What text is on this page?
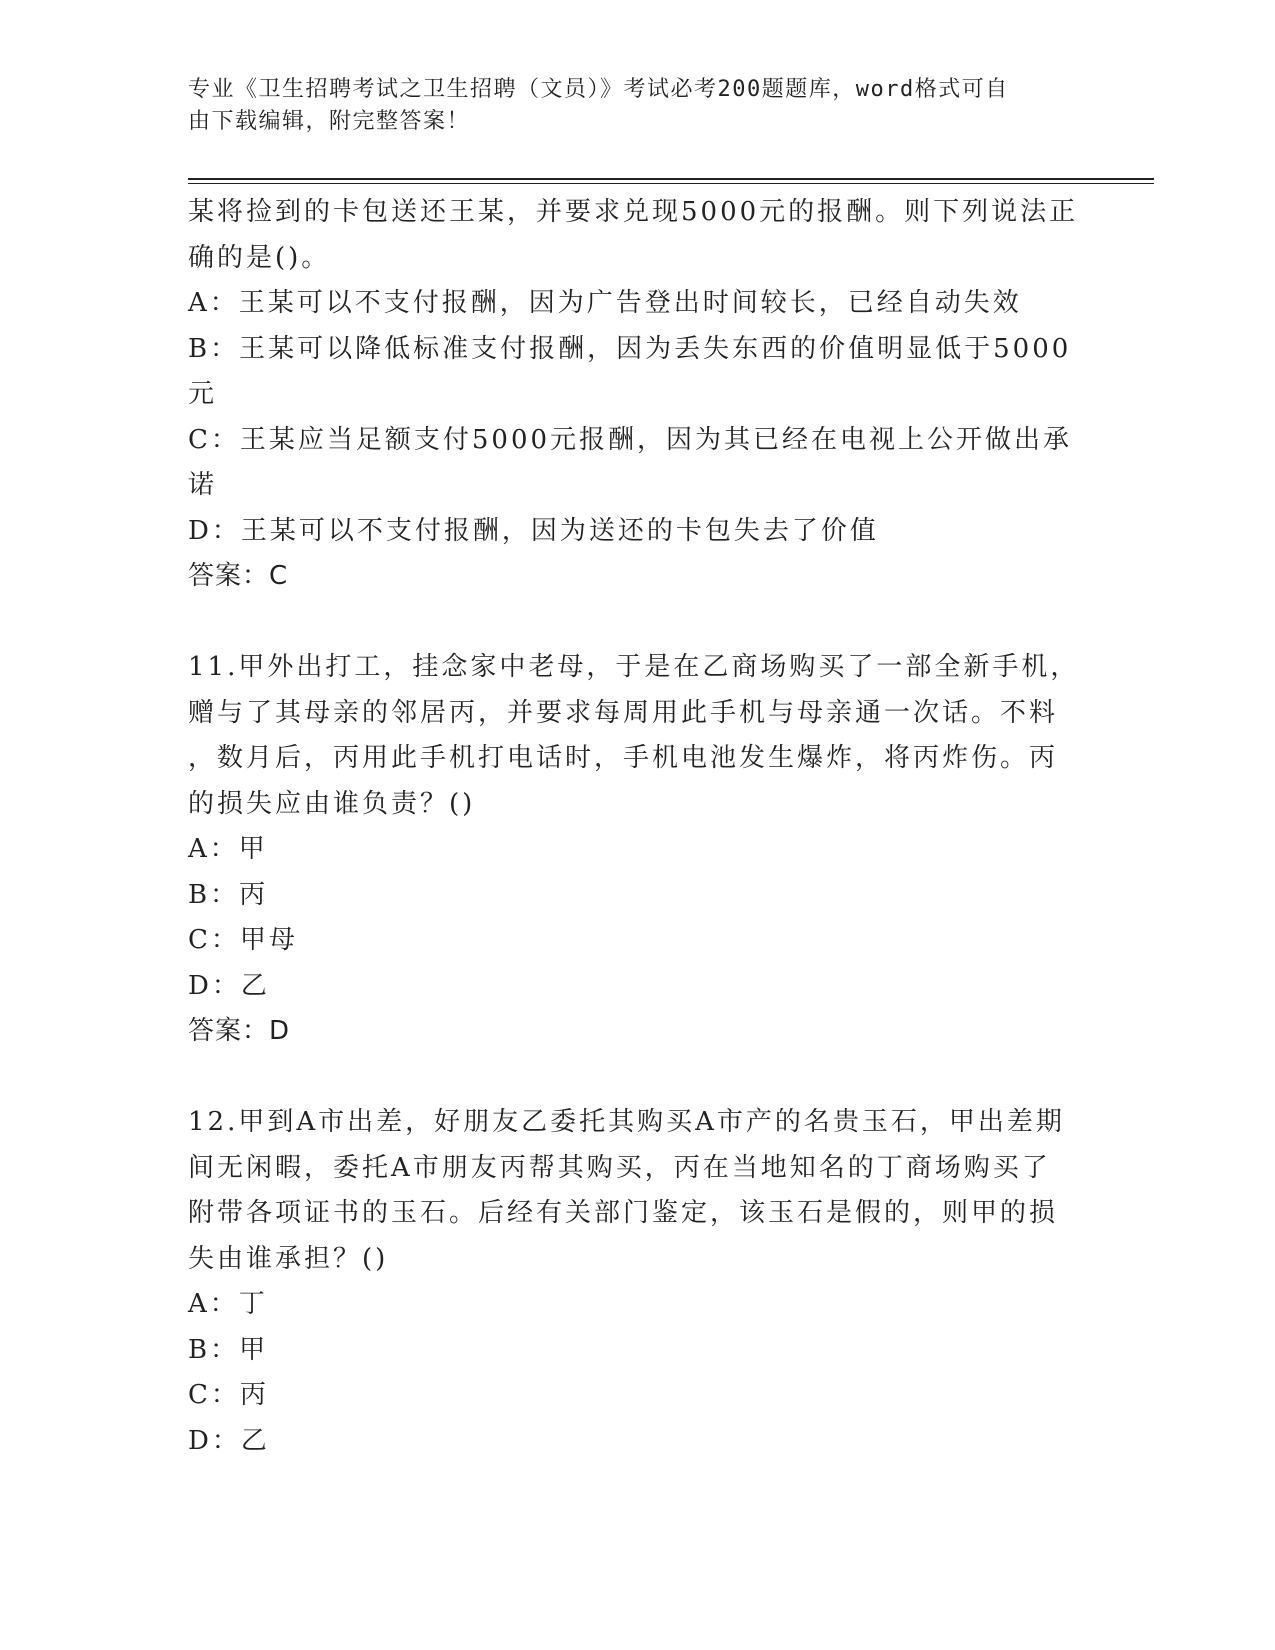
专业《卫生招聘考试之卫生招聘（文员）》考试必考200题题库，word格式可自
由下载编辑，附完整答案！
某将捡到的卡包送还王某，并要求兑现5000元的报酬。则下列说法正
确的是()。
A：王某可以不支付报酬，因为广告登出时间较长，已经自动失效
B：王某可以降低标准支付报酬，因为丢失东西的价值明显低于5000
元
C：王某应当足额支付5000元报酬，因为其已经在电视上公开做出承
诺
D：王某可以不支付报酬，因为送还的卡包失去了价值
答案：C
11.甲外出打工，挂念家中老母，于是在乙商场购买了一部全新手机，
赠与了其母亲的邻居丙，并要求每周用此手机与母亲通一次话。不料
，数月后，丙用此手机打电话时，手机电池发生爆炸，将丙炸伤。丙
的损失应由谁负责？()
A：甲
B：丙
C：甲母
D：乙
答案：D
12.甲到A市出差，好朋友乙委托其购买A市产的名贵玉石，甲出差期
间无闲暇，委托A市朋友丙帮其购买，丙在当地知名的丁商场购买了
附带各项证书的玉石。后经有关部门鉴定，该玉石是假的，则甲的损
失由谁承担？()
A：丁
B：甲
C：丙
D：乙
